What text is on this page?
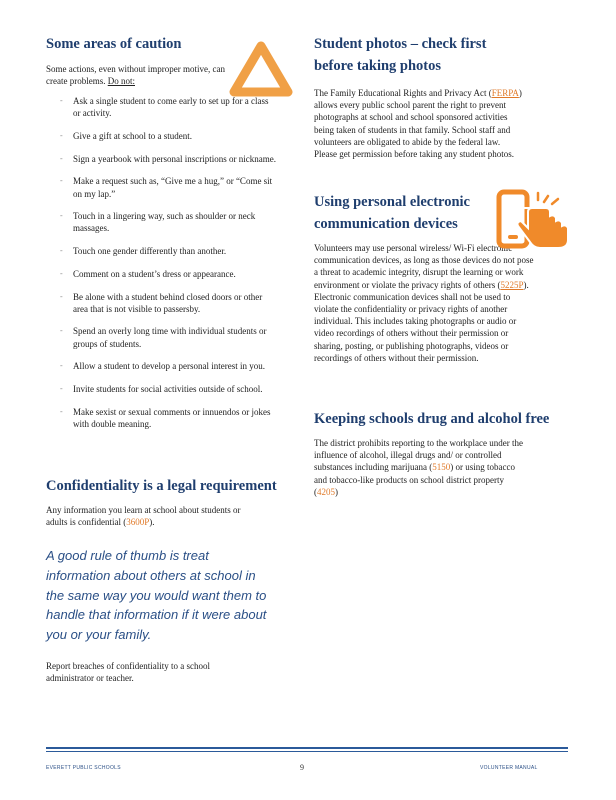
Some areas of caution

Some actions, even without improper motive, can create problems. Do not:

- Ask a single student to come early to set up for a class or activity.
- Give a gift at school to a student.
- Sign a yearbook with personal inscriptions or nickname.
- Make a request such as, “Give me a hug,” or “Come sit on my lap.”
- Touch in a lingering way, such as shoulder or neck massages.
- Touch one gender differently than another.
- Comment on a student’s dress or appearance.
- Be alone with a student behind closed doors or other area that is not visible to passersby.
- Spend an overly long time with individual students or groups of students.
- Allow a student to develop a personal interest in you.
- Invite students for social activities outside of school.
- Make sexist or sexual comments or innuendos or jokes with double meaning.
Confidentiality is a legal requirement

Any information you learn at school about students or adults is confidential (3600P).

A good rule of thumb is treat information about others at school in the same way you would want them to handle that information if it were about you or your family.

Report breaches of confidentiality to a school administrator or teacher.

Student photos – check first before taking photos

The Family Educational Rights and Privacy Act (FERPA) allows every public school parent the right to prevent photographs at school and school sponsored activities being taken of students in that family. School staff and volunteers are obligated to abide by the federal law. Please get permission before taking any student photos.

Using personal electronic communication devices

Volunteers may use personal wireless/ Wi-Fi electronic communication devices, as long as those devices do not pose a threat to academic integrity, disrupt the learning or work environment or violate the privacy rights of others (5225P). Electronic communication devices shall not be used to violate the confidentiality or privacy rights of another individual. This includes taking photographs or audio or video recordings of others without their permission or sharing, posting, or publishing photographs, videos or recordings of others without their permission.

Keeping schools drug and alcohol free

The district prohibits reporting to the workplace under the influence of alcohol, illegal drugs and/ or controlled substances including marijuana (5150) or using tobacco and tobacco-like products on school district property (4205)

EVERETT PUBLIC SCHOOLS	9	VOLUNTEER MANUAL
